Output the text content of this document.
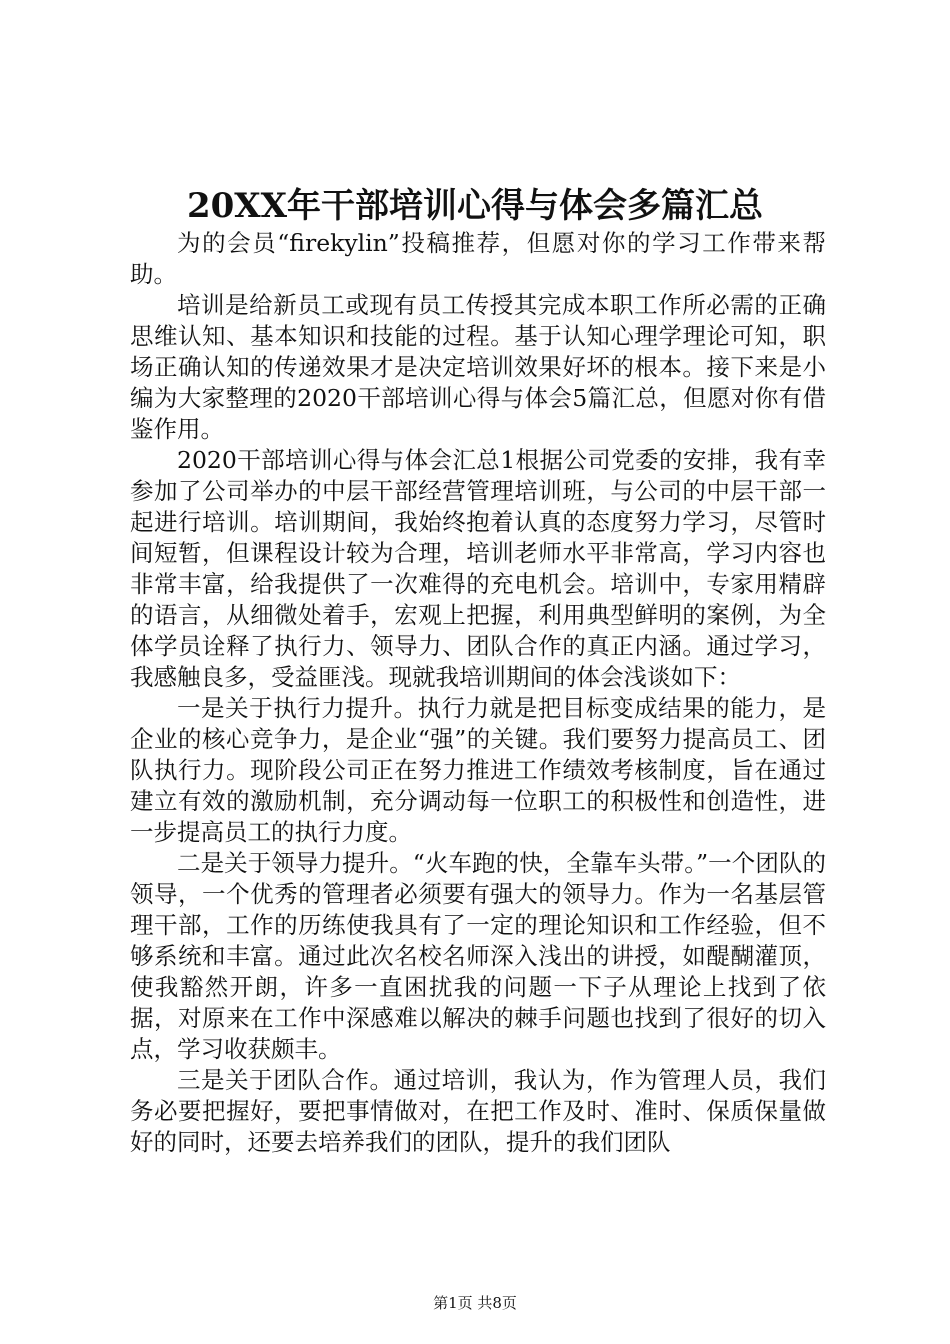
20XX年干部培训心得与体会多篇汇总

为的会员“firekylin”投稿推荐，但愿对你的学习工作带来帮助。

培训是给新员工或现有员工传授其完成本职工作所必需的正确思维认知、基本知识和技能的过程。基于认知心理学理论可知，职场正确认知的传递效果才是决定培训效果好坏的根本。接下来是小编为大家整理的2020干部培训心得与体会5篇汇总，但愿对你有借鉴作用。

2020干部培训心得与体会汇总1根据公司党委的安排，我有幸参加了公司举办的中层干部经营管理培训班，与公司的中层干部一起进行培训。培训期间，我始终抱着认真的态度努力学习，尽管时间短暂，但课程设计较为合理，培训老师水平非常高，学习内容也非常丰富，给我提供了一次难得的充电机会。培训中，专家用精辟的语言，从细微处着手，宏观上把握，利用典型鲜明的案例，为全体学员诠释了执行力、领导力、团队合作的真正内涵。通过学习，我感触良多，受益匪浅。现就我培训期间的体会浅谈如下：

一是关于执行力提升。执行力就是把目标变成结果的能力，是企业的核心竞争力，是企业“强”的关键。我们要努力提高员工、团队执行力。现阶段公司正在努力推进工作绩效考核制度，旨在通过建立有效的激励机制，充分调动每一位职工的积极性和创造性，进一步提高员工的执行力度。

二是关于领导力提升。“火车跑的快，全靠车头带。”一个团队的领导，一个优秀的管理者必须要有强大的领导力。作为一名基层管理干部，工作的历练使我具有了一定的理论知识和工作经验，但不够系统和丰富。通过此次名校名师深入浅出的讲授，如醍醐灌顶，使我豁然开朗，许多一直困扰我的问题一下子从理论上找到了依据，对原来在工作中深感难以解决的棘手问题也找到了很好的切入点，学习收获颇丰。

三是关于团队合作。通过培训，我认为，作为管理人员，我们务必要把握好，要把事情做对，在把工作及时、准时、保质保量做好的同时，还要去培养我们的团队，提升的我们团队

第1页 共8页
